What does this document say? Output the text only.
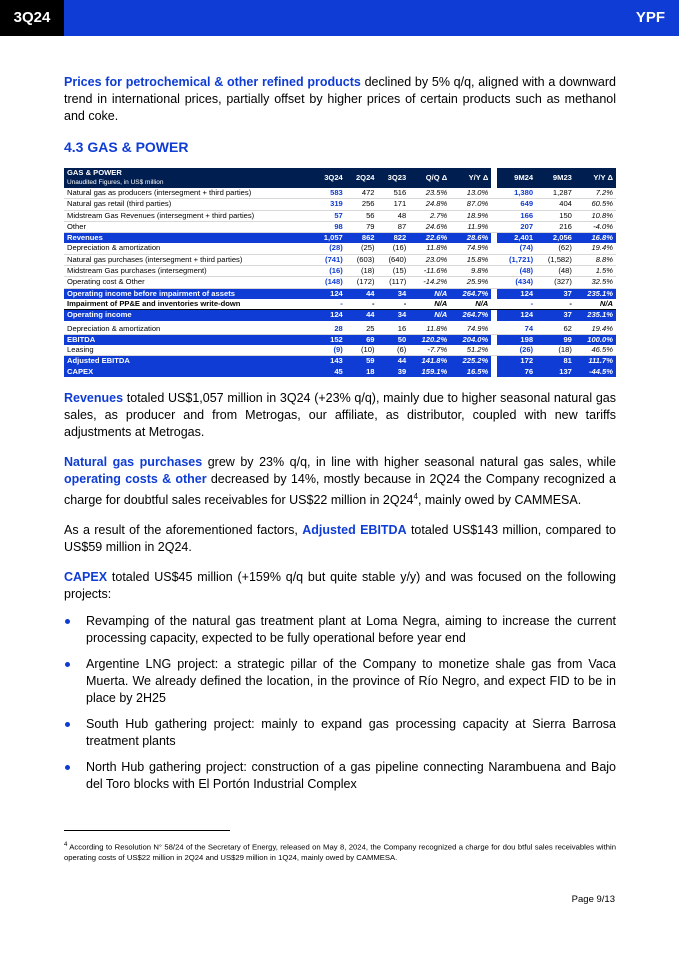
3Q24	YPF

Prices for petrochemical & other refined products declined by 5% q/q, aligned with a downward trend in international prices, partially offset by higher prices of certain products such as methanol and coke.

4.3 GAS & POWER
GAS & POWER
Unaudited Figures, in US$ million	3Q24	2Q24	3Q23	Q/Q Δ	Y/Y Δ		9M24	9M23	Y/Y Δ
Natural gas as producers (intersegment + third parties)	583	472	516	23.5%	13.0%		1,380	1,287	7.2%
Natural gas retail (third parties)	319	256	171	24.8%	87.0%		649	404	60.5%
Midstream Gas Revenues (intersegment + third parties)	57	56	48	2.7%	18.9%		166	150	10.8%
Other	98	79	87	24.6%	11.9%		207	216	-4.0%
Revenues	1,057	862	822	22.6%	28.6%		2,401	2,056	16.8%
Depreciation & amortization	(28)	(25)	(16)	11.8%	74.9%		(74)	(62)	19.4%
Natural gas purchases (intersegment + third parties)	(741)	(603)	(640)	23.0%	15.8%		(1,721)	(1,582)	8.8%
Midstream Gas purchases (intersegment)	(16)	(18)	(15)	-11.6%	9.8%		(48)	(48)	1.5%
Operating cost & Other	(148)	(172)	(117)	-14.2%	25.9%		(434)	(327)	32.5%
Operating income before impairment of assets	124	44	34	N/A	264.7%		124	37	235.1%
Impairment of PP&E and inventories write-down	-	-	-	N/A	N/A		-	-	N/A
Operating income	124	44	34	N/A	264.7%		124	37	235.1%

Depreciation & amortization	28	25	16	11.8%	74.9%		74	62	19.4%
EBITDA	152	69	50	120.2%	204.0%		198	99	100.0%
Leasing	(9)	(10)	(6)	-7.7%	51.2%		(26)	(18)	46.5%
Adjusted EBITDA	143	59	44	141.8%	225.2%		172	81	111.7%
CAPEX	45	18	39	159.1%	16.5%		76	137	-44.5%

Revenues totaled US$1,057 million in 3Q24 (+23% q/q), mainly due to higher seasonal natural gas sales, as producer and from Metrogas, our affiliate, as distributor, coupled with new tariffs adjustments at Metrogas.

Natural gas purchases grew by 23% q/q, in line with higher seasonal natural gas sales, while operating costs & other decreased by 14%, mostly because in 2Q24 the Company recognized a charge for doubtful sales receivables for US$22 million in $2Q24^4$, mainly owed by CAMMESA.

As a result of the aforementioned factors, Adjusted EBITDA totaled US$143 million, compared to US$59 million in 2Q24.

CAPEX totaled US$45 million (+159% q/q but quite stable y/y) and was focused on the following projects:

Revamping of the natural gas treatment plant at Loma Negra, aiming to increase the current processing capacity, expected to be fully operational before year end
Argentine LNG project: a strategic pillar of the Company to monetize shale gas from Vaca Muerta. We already defined the location, in the province of Río Negro, and expect FID to be in place by 2H25
South Hub gathering project: mainly to expand gas processing capacity at Sierra Barrosa treatment plants
North Hub gathering project: construction of a gas pipeline connecting Narambuena and Bajo del Toro blocks with El Portón Industrial Complex
$^4$ According to Resolution N° 58/24 of the Secretary of Energy, released on May 8, 2024, the Company recognized a charge for dou btful sales receivables within operating costs of US$22 million in 2Q24 and US$29 million in 1Q24, mainly owed by CAMMESA.
Page 9/13
